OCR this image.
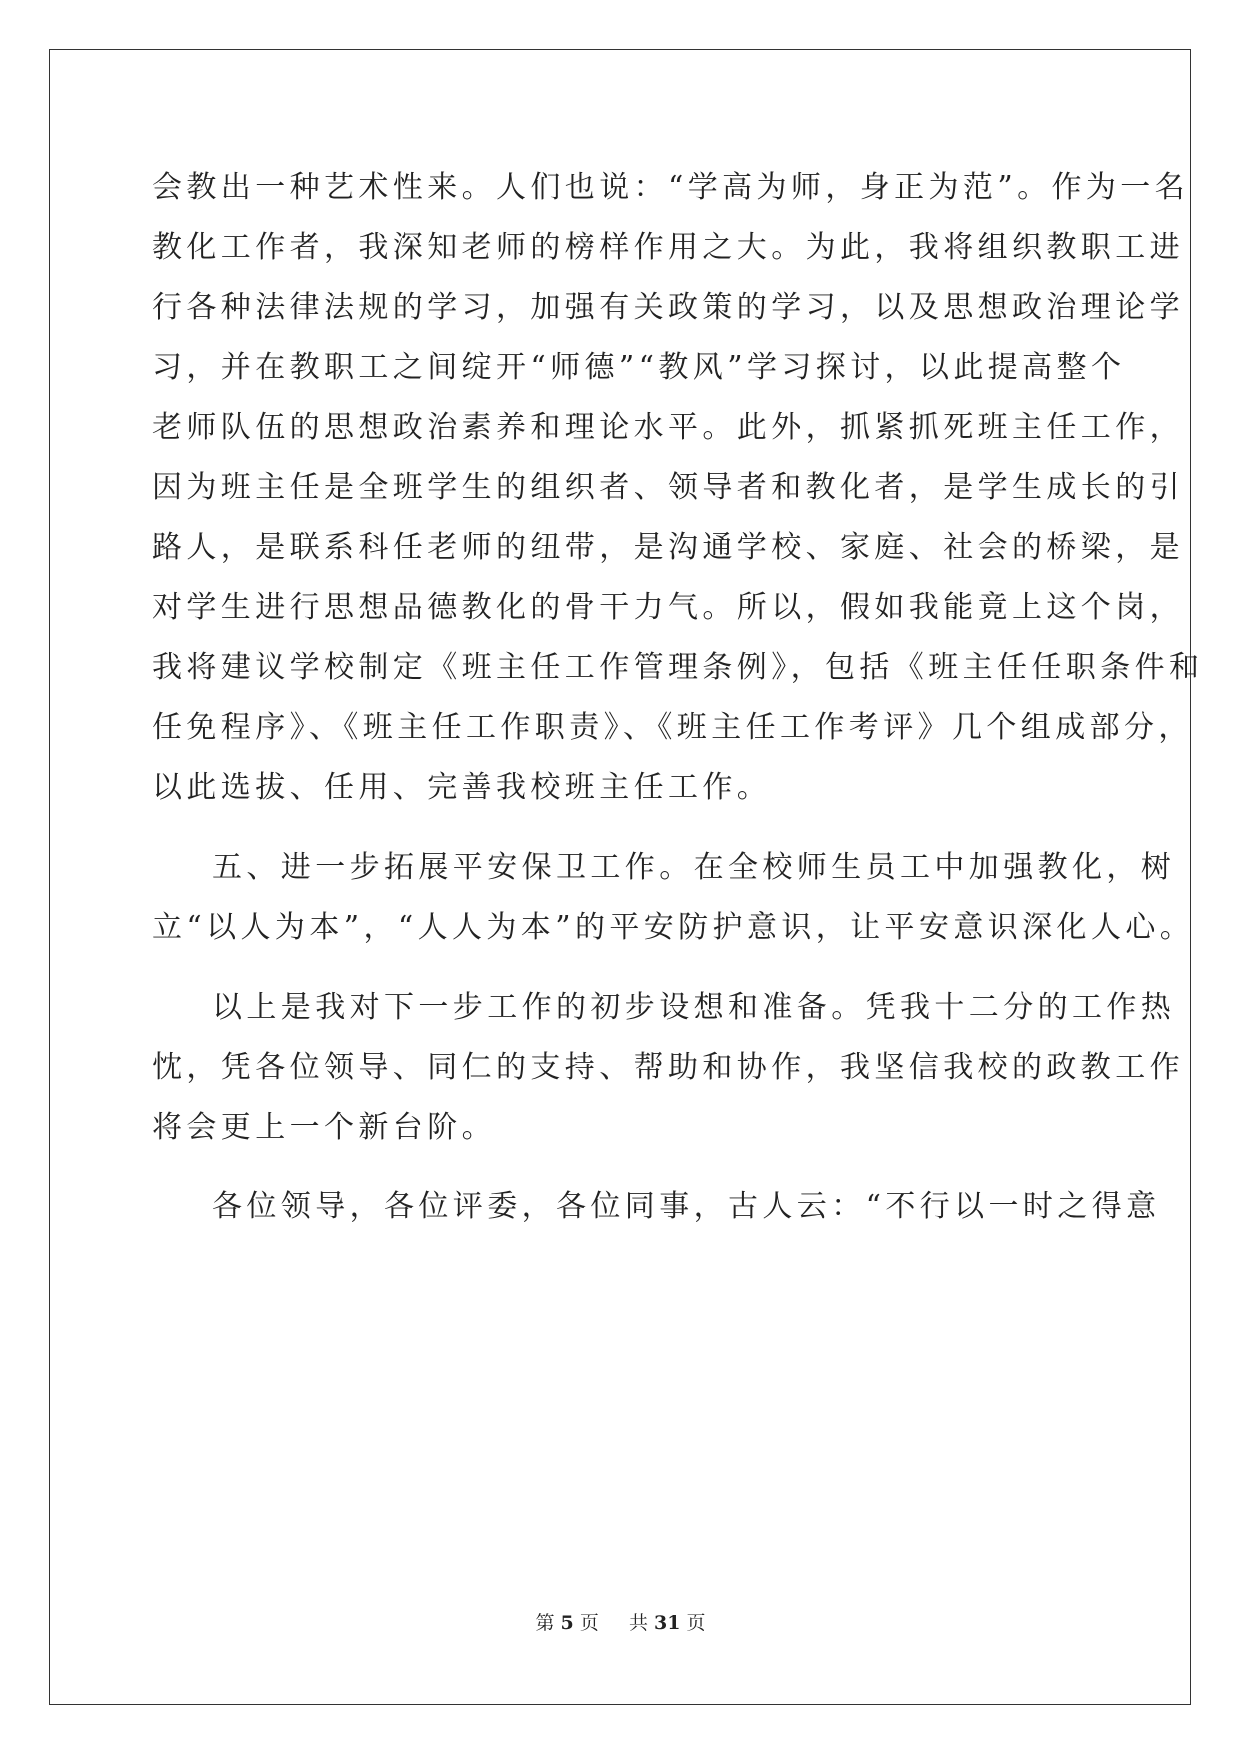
会教出一种艺术性来。人们也说：“学高为师，身正为范”。作为一名

教化工作者，我深知老师的榜样作用之大。为此，我将组织教职工进

行各种法律法规的学习，加强有关政策的学习，以及思想政治理论学

习，并在教职工之间绽开“师德”“教风”学习探讨，以此提高整个

老师队伍的思想政治素养和理论水平。此外，抓紧抓死班主任工作，

因为班主任是全班学生的组织者、领导者和教化者，是学生成长的引

路人，是联系科任老师的纽带，是沟通学校、家庭、社会的桥梁，是

对学生进行思想品德教化的骨干力气。所以，假如我能竟上这个岗，

我将建议学校制定《班主任工作管理条例》，包括《班主任任职条件和

任免程序》、《班主任工作职责》、《班主任工作考评》几个组成部分，

以此选拔、任用、完善我校班主任工作。

五、进一步拓展平安保卫工作。在全校师生员工中加强教化，树

立“以人为本”，“人人为本”的平安防护意识，让平安意识深化人心。

以上是我对下一步工作的初步设想和准备。凭我十二分的工作热

忱，凭各位领导、同仁的支持、帮助和协作，我坚信我校的政教工作

将会更上一个新台阶。

各位领导，各位评委，各位同事，古人云：“不行以一时之得意

第 5 页 共 31 页
